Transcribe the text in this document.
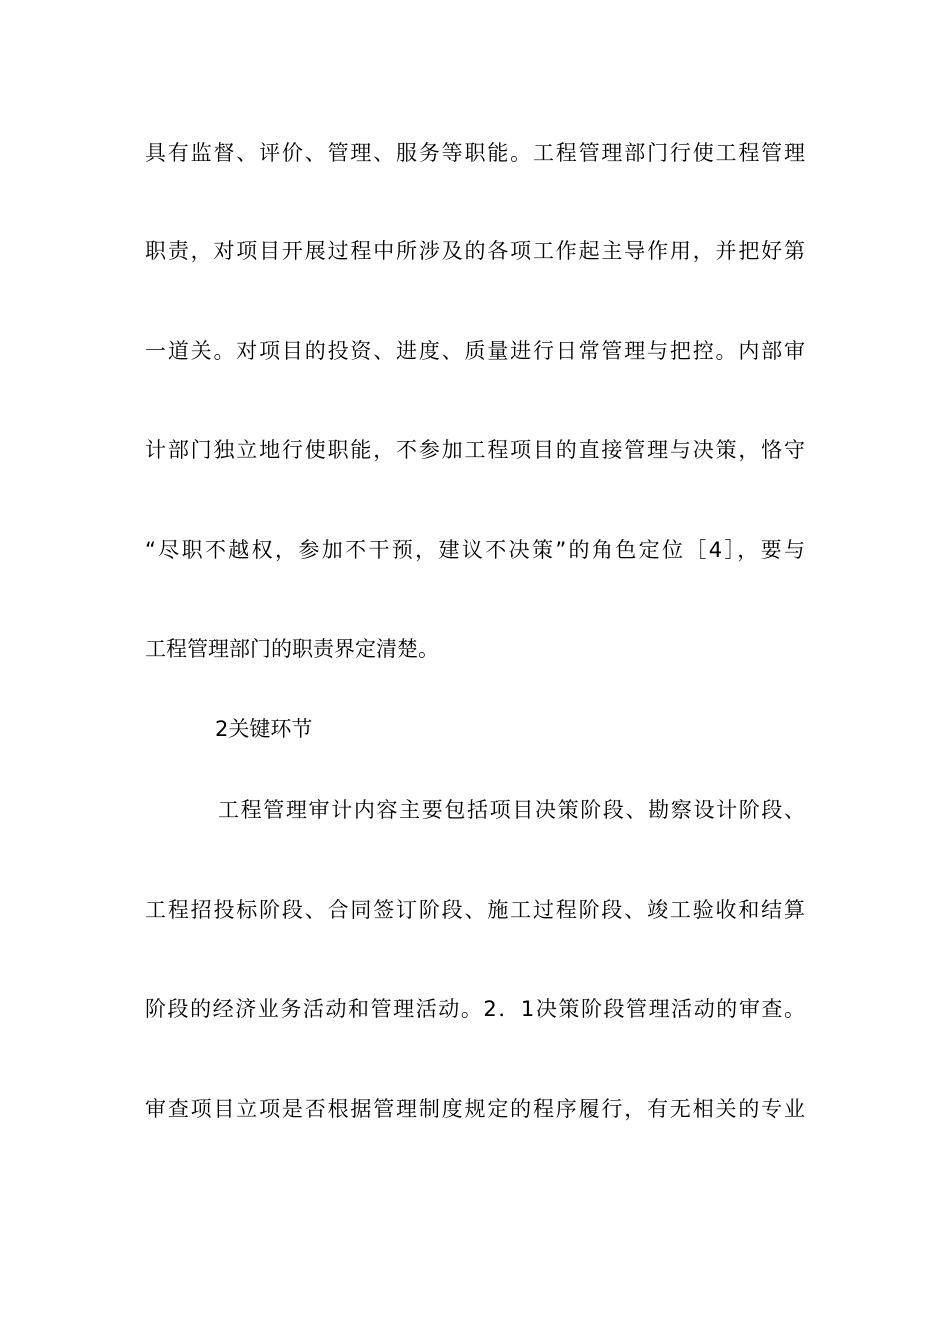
具有监督、评价、管理、服务等职能。工程管理部门行使工程管理
职责，对项目开展过程中所涉及的各项工作起主导作用，并把好第
一道关。对项目的投资、进度、质量进行日常管理与把控。内部审
计部门独立地行使职能，不参加工程项目的直接管理与决策，恪守
“尽职不越权，参加不干预，建议不决策”的角色定位［4］，要与
工程管理部门的职责界定清楚。
2关键环节
工程管理审计内容主要包括项目决策阶段、勘察设计阶段、
工程招投标阶段、合同签订阶段、施工过程阶段、竣工验收和结算
阶段的经济业务活动和管理活动。2．1决策阶段管理活动的审查。
审查项目立项是否根据管理制度规定的程序履行，有无相关的专业
